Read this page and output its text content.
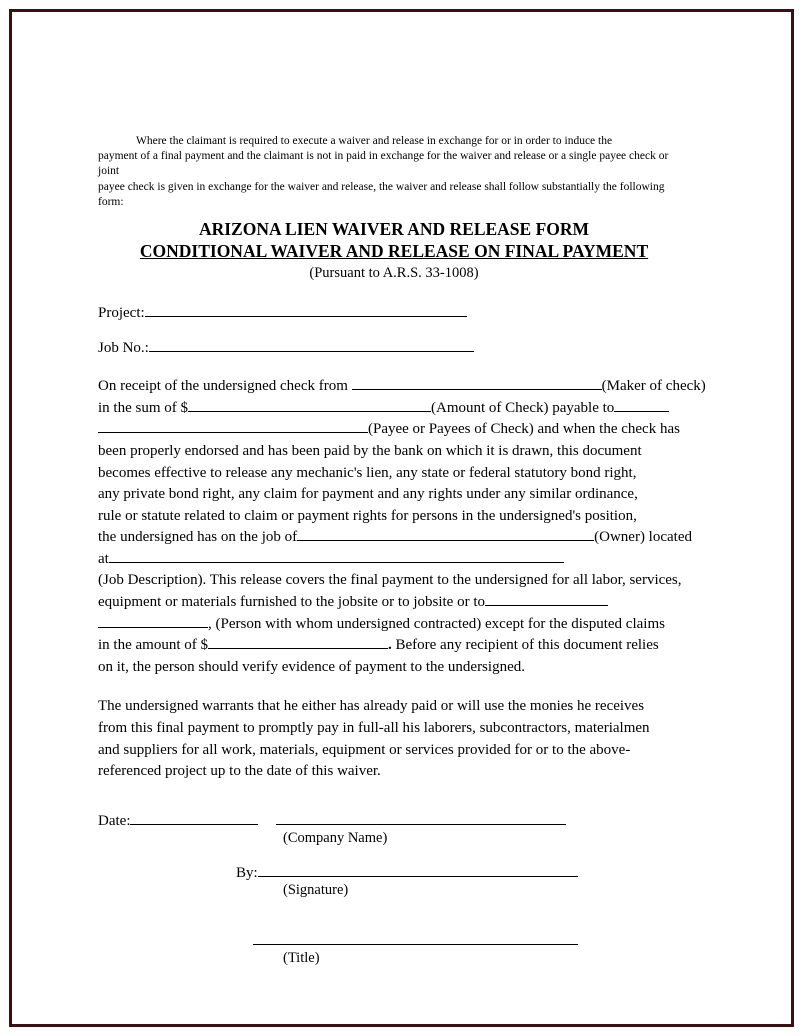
Where the claimant is required to execute a waiver and release in exchange for or in order to induce the
payment of a final payment and the claimant is not in paid in exchange for the waiver and release or a single payee check or joint
payee check is given in exchange for the waiver and release, the waiver and release shall follow substantially the following form:
ARIZONA LIEN WAIVER AND RELEASE FORM
CONDITIONAL WAIVER AND RELEASE ON FINAL PAYMENT
(Pursuant to A.R.S. 33-1008)
Project:
Job No.:
On receipt of the undersigned check from	(Maker of check)
in the sum of $	(Amount of Check) payable to
(Payee or Payees of Check) and when the check has
been properly endorsed and has been paid by the bank on which it is drawn, this document
becomes effective to release any mechanic's lien, any state or federal statutory bond right,
any private bond right, any claim for payment and any rights under any similar ordinance,
rule or statute related to claim or payment rights for persons in the undersigned's position,
the undersigned has on the job of	(Owner) located
at
(Job Description). This release covers the final payment to the undersigned for all labor, services,
equipment or materials furnished to the jobsite or to jobsite or to
, (Person with whom undersigned contracted) except for the disputed claims
in the amount of $	. Before any recipient of this document relies
on it, the person should verify evidence of payment to the undersigned.
The undersigned warrants that he either has already paid or will use the monies he receives
from this final payment to promptly pay in full-all his laborers, subcontractors, materialmen
and suppliers for all work, materials, equipment or services provided for or to the above-
referenced project up to the date of this waiver.
Date:
(Company Name)
By:
(Signature)
(Title)
